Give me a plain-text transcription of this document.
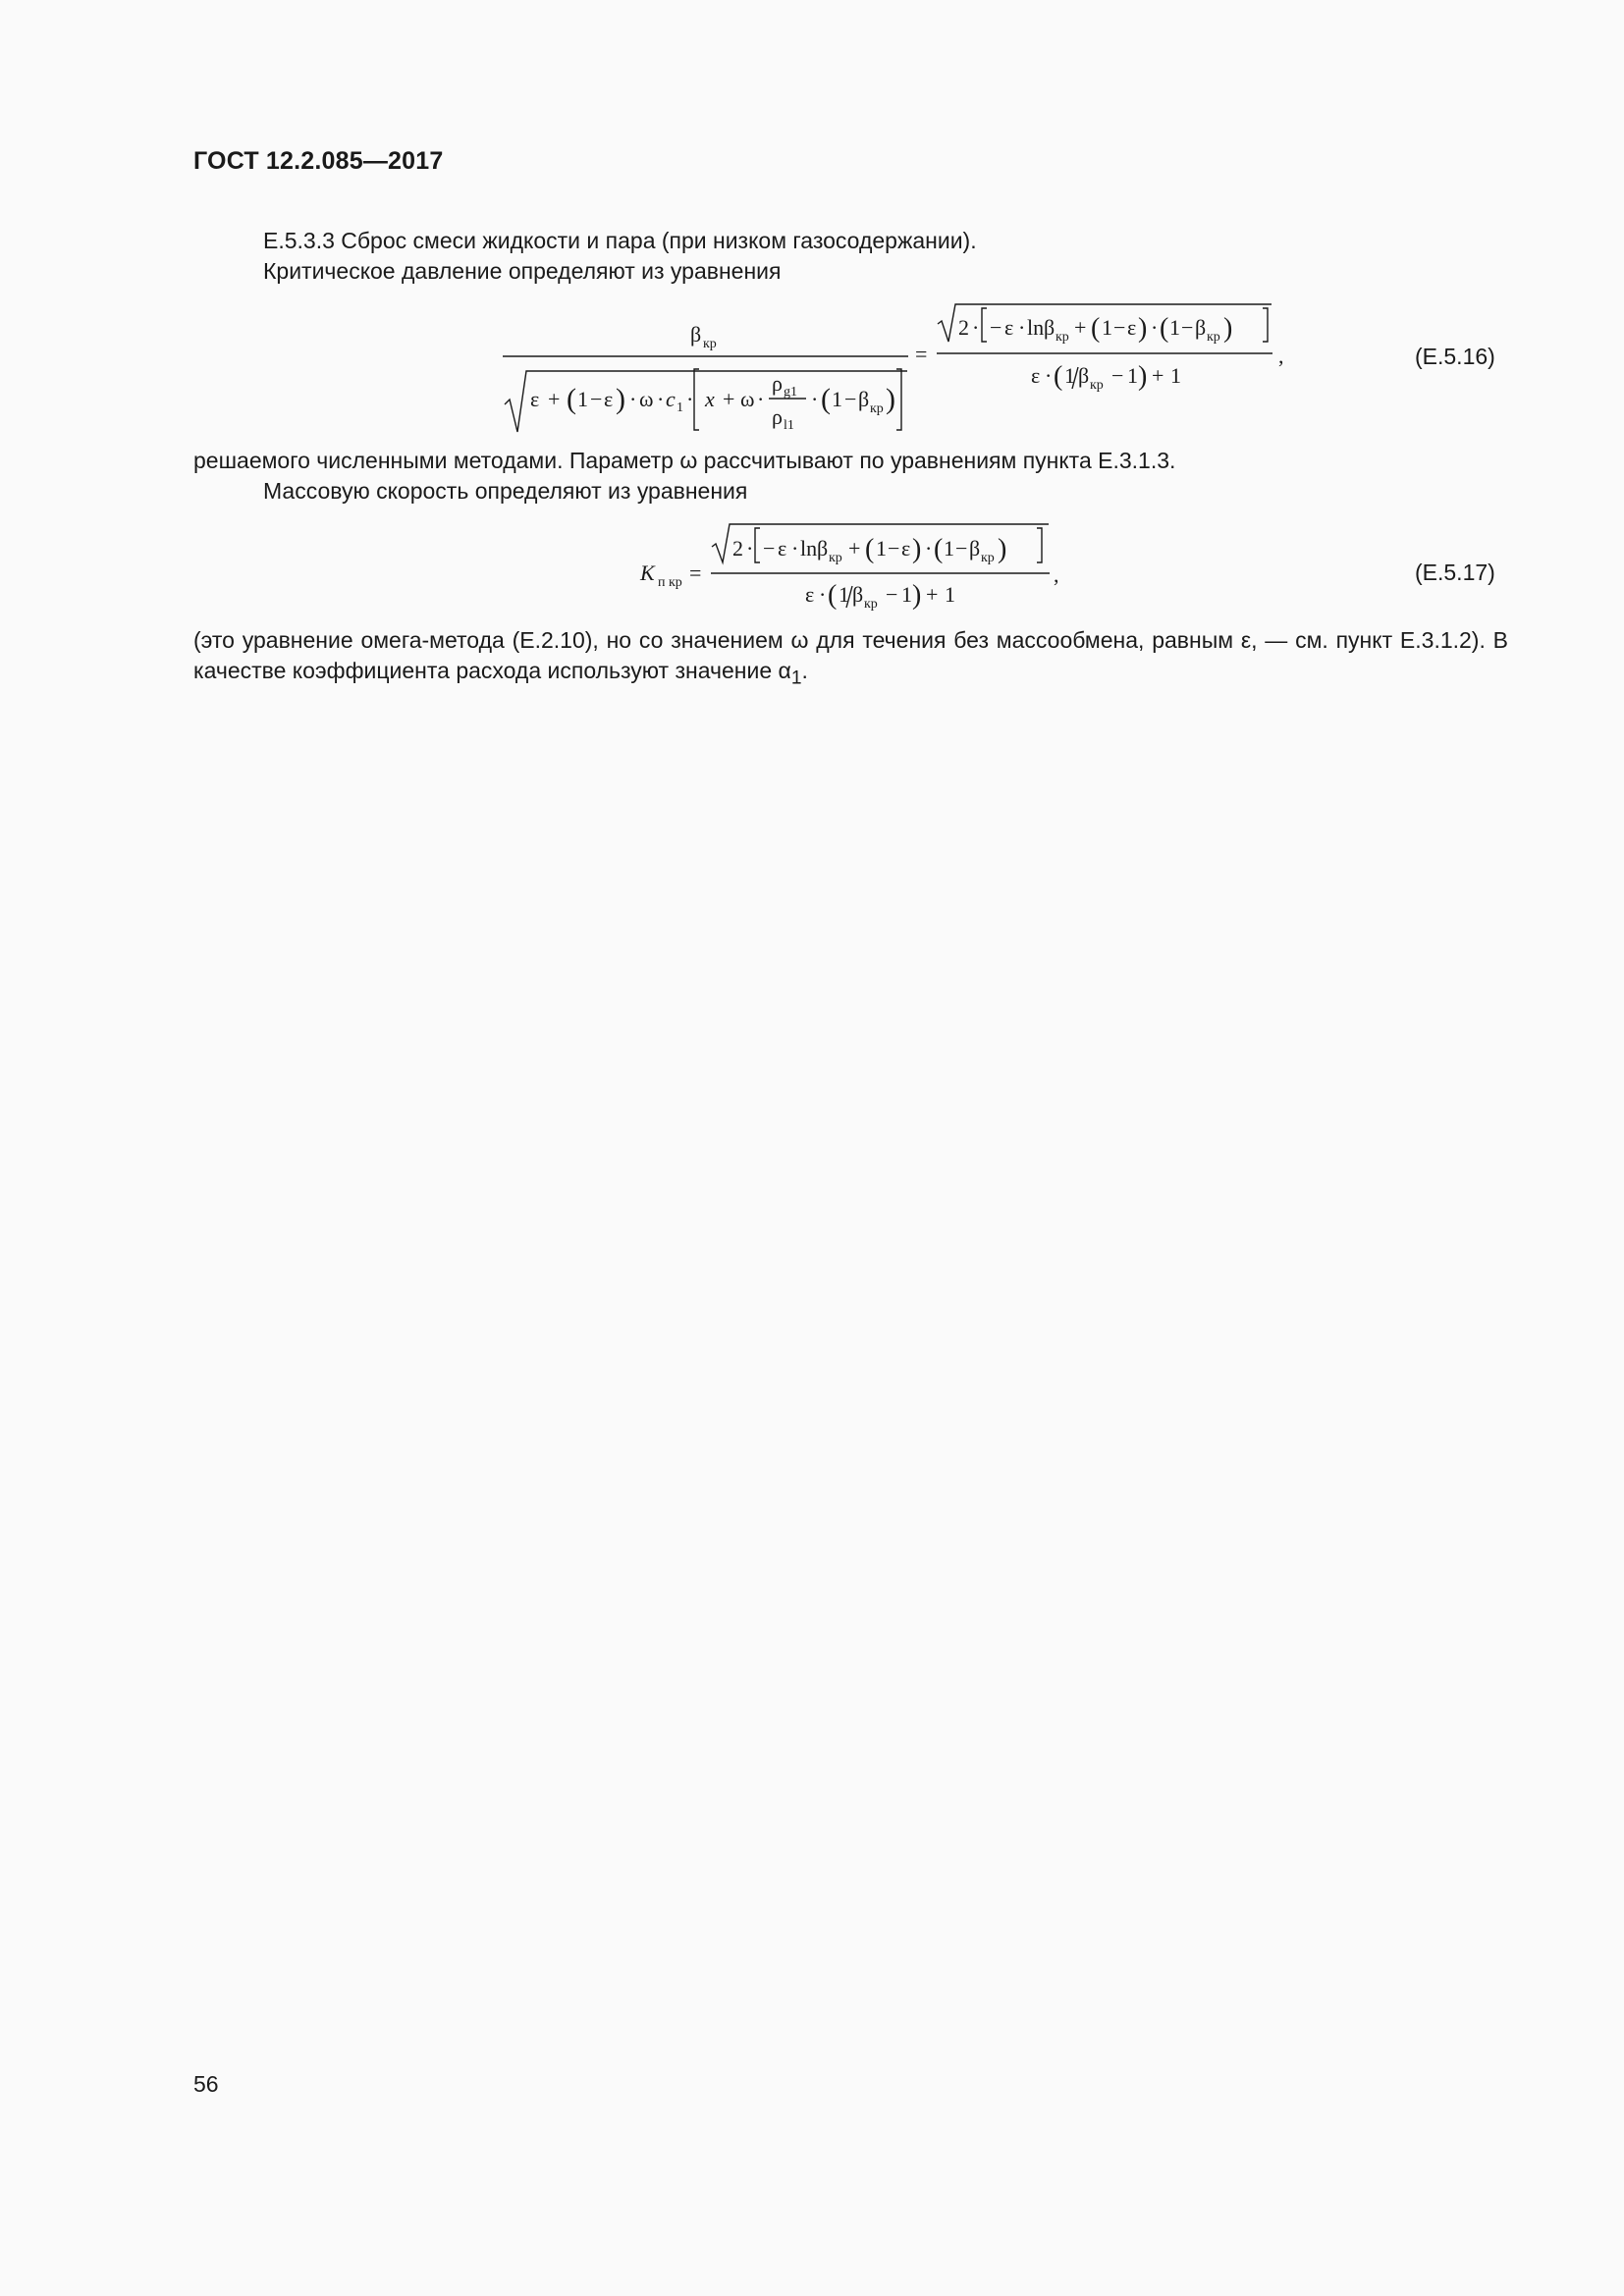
ГОСТ 12.2.085—2017
Е.5.3.3 Сброс смеси жидкости и пара (при низком газосодержании).
Критическое давление определяют из уравнения
β кр
ε + ( 1 − ε ) · ω · c 1 · x + ω ·
ρ g1
ρ l1
· ( 1 − β кр )
=
2 · − ε · ln β кр + ( 1 − ε ) · ( 1 − β кр )
ε · ( 1 β кр − 1 ) + 1
,	(Е.5.16)
решаемого численными методами. Параметр ω рассчитывают по уравнениям пункта Е.3.1.3.
Массовую скорость определяют из уравнения
K п кр =
2 · − ε · ln β кр + ( 1 − ε ) · ( 1 − β кр )
ε · ( 1 β кр − 1 ) + 1
,	(Е.5.17)
(это уравнение омега-метода (Е.2.10), но со значением ω для течения без массообмена, равным ε, — см. пункт Е.3.1.2). В качестве коэффициента расхода используют значение $\alpha_1$.
56
